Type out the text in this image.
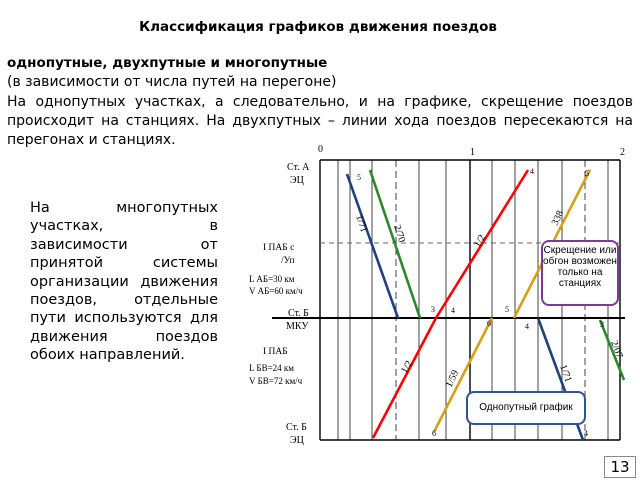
Классификация графиков движения поездов
однопутные, двухпутные и многопутные
(в зависимости от числа путей на перегоне)
На однопутных участках, а следовательно, и на графике, скрещение поездов происходит на станциях. На двухпутных – линии хода поездов пересекаются на перегонах и станциях.
0	1	2
Ст. А
ЭЦ
Ст. Б
МКУ
Ст. Б
ЭЦ
I ПАБ с
/Уп
L АБ=30 км
V АБ=60 км/ч
I ПАБ
L БВ=24 км
V БВ=72 км/ч
1/71 2/70	1/2
338
1/2
1/59	1/71
2/07
5
4	5
3 4	5
6	4	3
6	4
На многопутных участках, в зависимости от принятой системы организации движения поездов, отдельные пути используются для движения поездов обоих направлений.
Скрещение или обгон возможен только на станциях
Однопутный график
13
